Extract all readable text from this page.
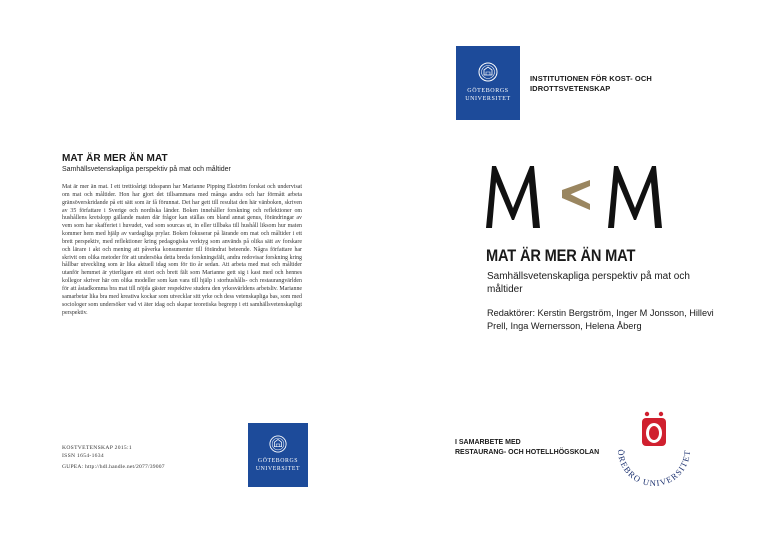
MAT ÄR MER ÄN MAT
Samhällsvetenskapliga perspektiv på mat och måltider
Mat är mer än mat. I ett trettioårigt tidsspann har Marianne Pipping Ekström forskat och undervisat om mat och måltider. Hon har gjort det tillsammans med många andra och har förmått arbeta gränsöverskridande på ett sätt som är få förunnat. Det har gett till resultat den här vänboken, skriven av 35 författare i Sverige och nordiska länder. Boken innehåller forskning och reflektioner om hushållens kretslopp gällande maten där frågor kan ställas om bland annat genus, förändringar av vem som har skafferiet i huvudet, vad som sourcas ut, in eller tillbaka till hushåll liksom hur maten kommer hem med hjälp av vardagliga prylar. Boken fokuserar på lärande om mat och måltider i ett brett perspektiv, med reflektioner kring pedagogiska verktyg som används på olika sätt av forskare och lärare i akt och mening att påverka konsumenter till förändrat beteende. Några författare har skrivit om olika metoder för att undersöka detta breda forskningsfält, andra redovisar forskning kring hållbar utveckling som är lika aktuell idag som för tio år sedan. Att arbeta med mat och måltider utanför hemmet är ytterligare ett stort och brett fält som Marianne gett sig i kast med och hennes kollegor skriver här om olika modeller som kan vara till hjälp i storhushålls- och restaurangvärlden för att åstadkomma bra mat till nöjda gäster respektive studera den yrkesvärldens arbetsliv. Marianne samarbetar lika bra med kreativa kockar som utvecklar sitt yrke och dess vetenskapliga bas, som med sociologer som undersöker vad vi äter idag och skapar teoretiska begrepp i ett samhällsvetenskapligt perspektiv.
KOSTVETENSKAP 2015:1
ISSN 1654-1634
GUPEA: http://hdl.handle.net/2077/39007
GÖTEBORGS
UNIVERSITET
GÖTEBORGS
UNIVERSITET
INSTITUTIONEN FÖR KOST- OCH
IDROTTSVETENSKAP
MAT ÄR MER ÄN MAT
Samhällsvetenskapliga perspektiv på mat och måltider
Redaktörer: Kerstin Bergström, Inger M Jonsson, Hillevi Prell, Inga Wernersson, Helena Åberg
I SAMARBETE MED
RESTAURANG- OCH HOTELLHÖGSKOLAN ÖREBRO UNIVERSITET
